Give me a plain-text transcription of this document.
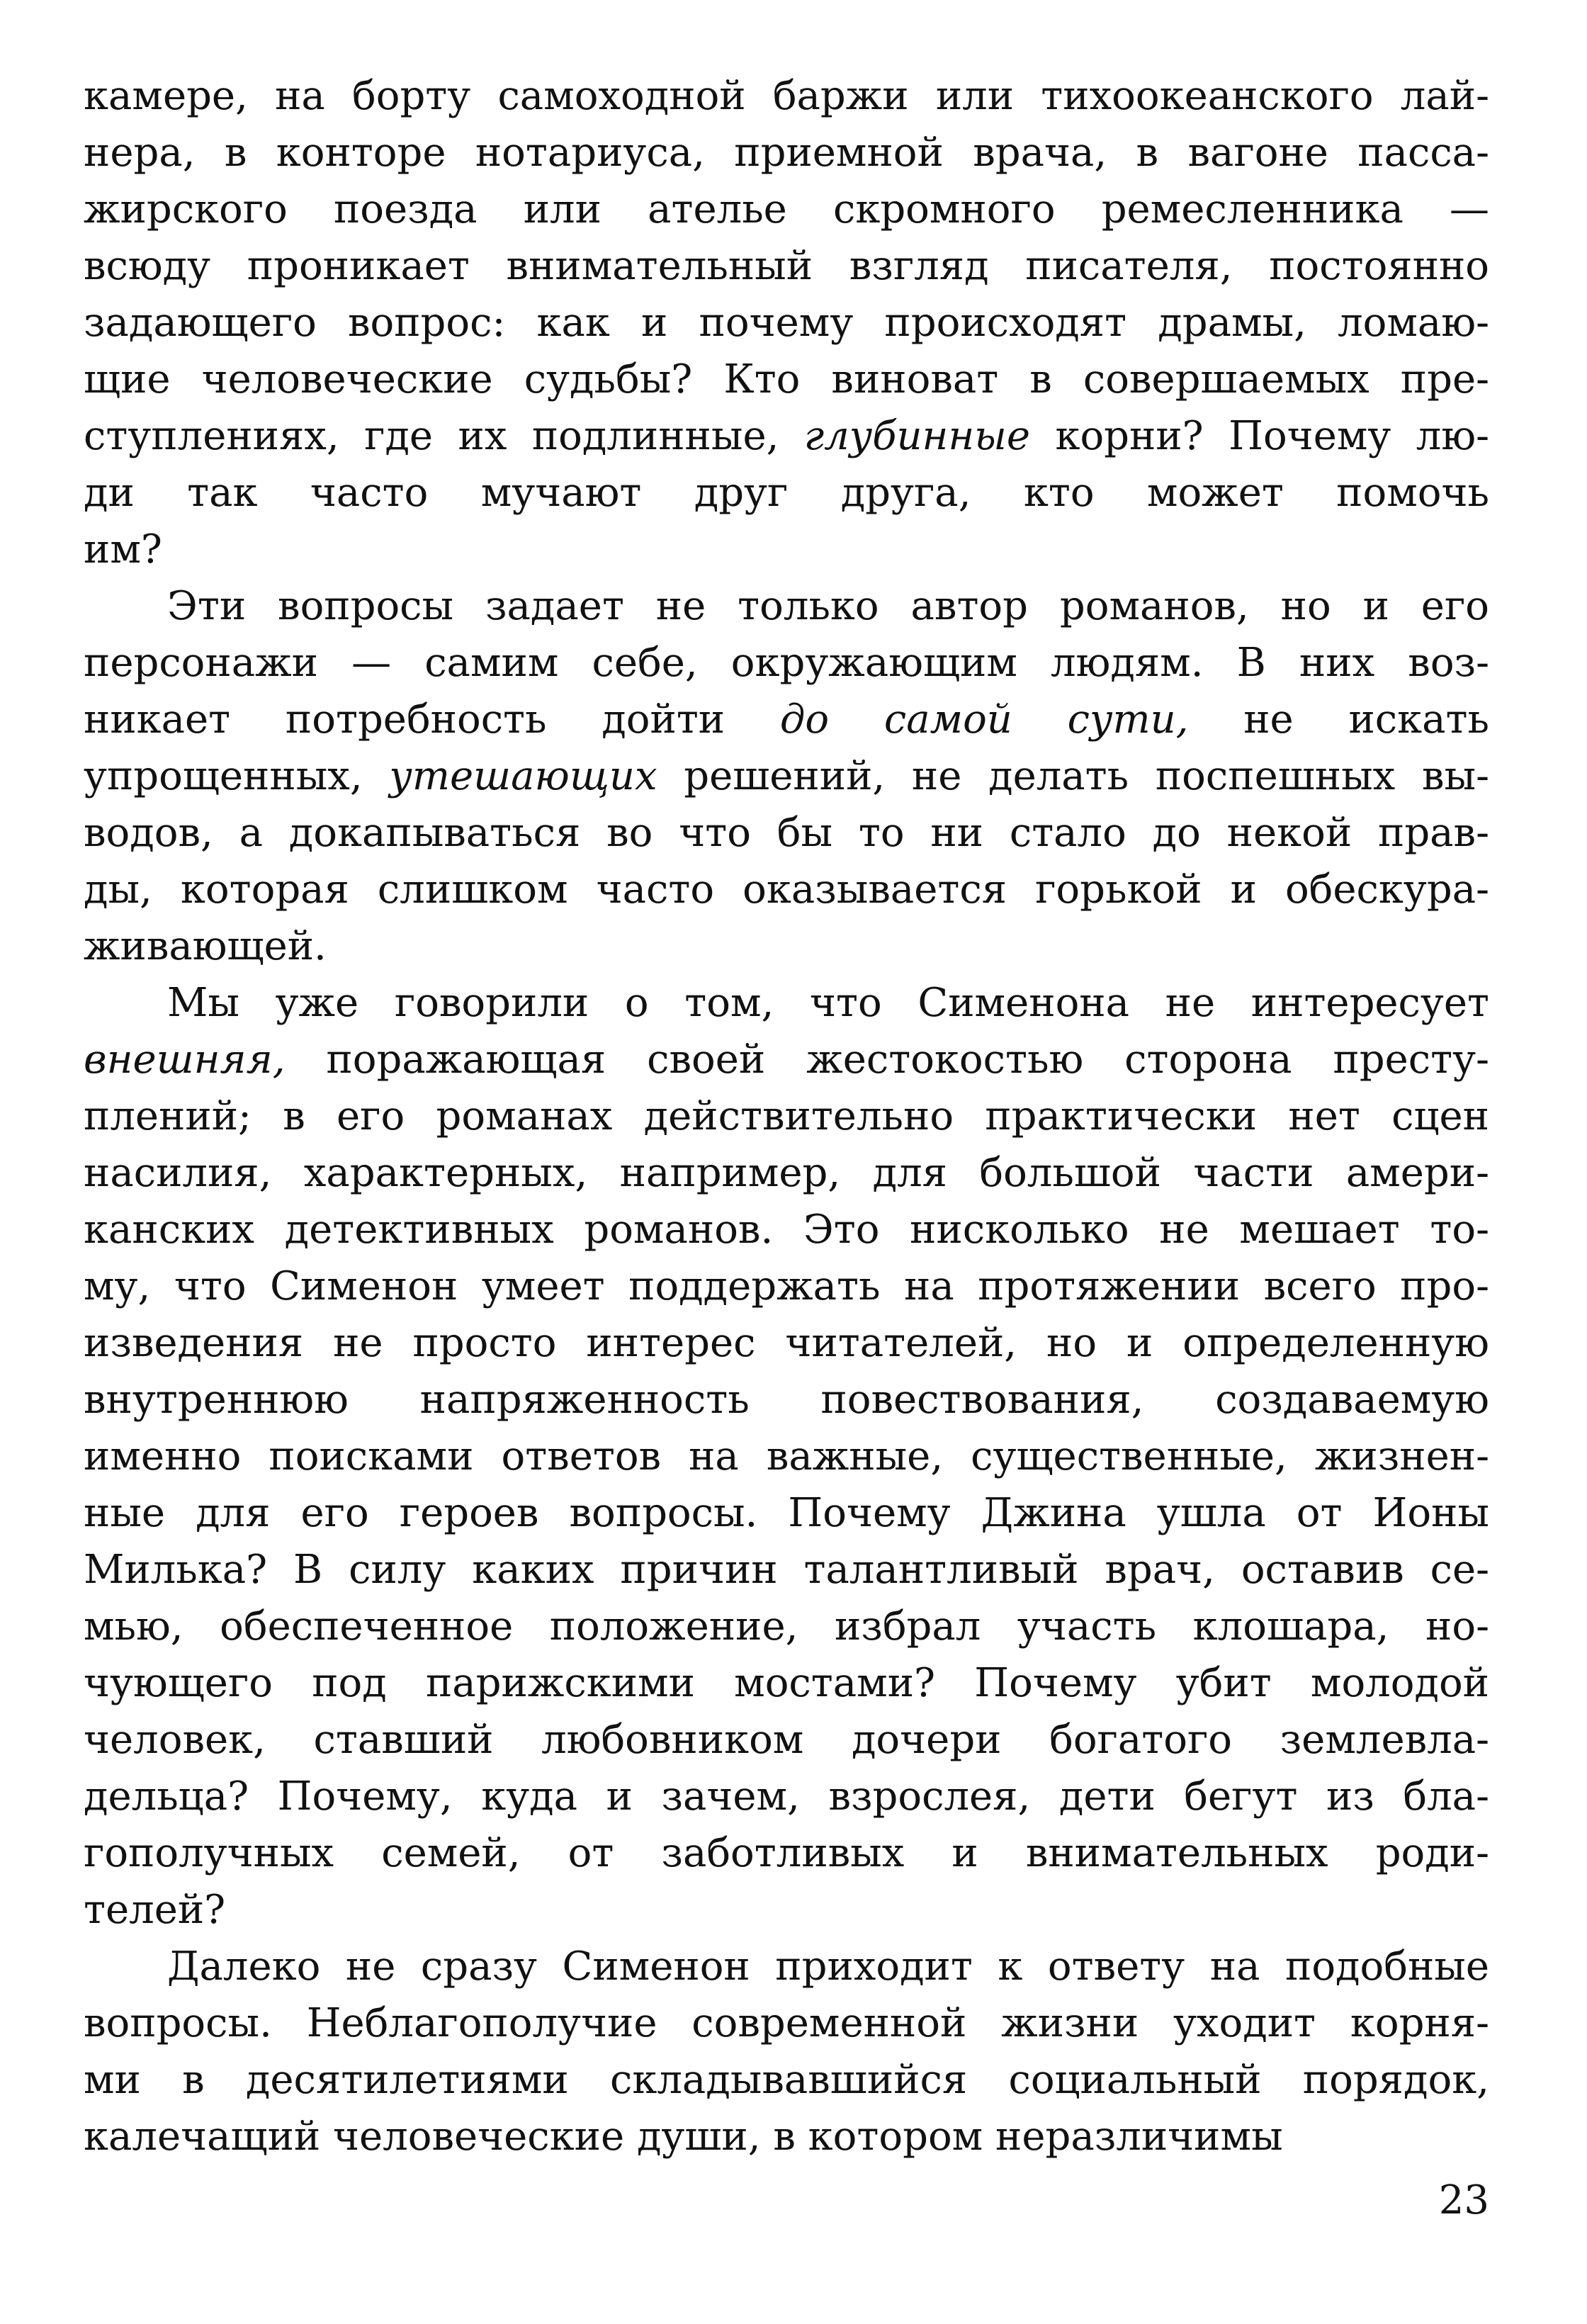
камере, на борту самоходной баржи или тихоокеанского лай-
нера, в конторе нотариуса, приемной врача, в вагоне пасса-
жирского поезда или ателье скромного ремесленника —
всюду проникает внимательный взгляд писателя, постоянно
задающего вопрос: как и почему происходят драмы, ломаю-
щие человеческие судьбы? Кто виноват в совершаемых пре-
ступлениях, где их подлинные, глубинные корни? Почему лю-
ди так часто мучают друг друга, кто может помочь
им?
Эти вопросы задает не только автор романов, но и его
персонажи — самим себе, окружающим людям. В них воз-
никает потребность дойти до самой сути, не искать
упрощенных, утешающих решений, не делать поспешных вы-
водов, а докапываться во что бы то ни стало до некой прав-
ды, которая слишком часто оказывается горькой и обескура-
живающей.
Мы уже говорили о том, что Сименона не интересует
внешняя, поражающая своей жестокостью сторона престу-
плений; в его романах действительно практически нет сцен
насилия, характерных, например, для большой части амери-
канских детективных романов. Это нисколько не мешает то-
му, что Сименон умеет поддержать на протяжении всего про-
изведения не просто интерес читателей, но и определенную
внутреннюю напряженность повествования, создаваемую
именно поисками ответов на важные, существенные, жизнен-
ные для его героев вопросы. Почему Джина ушла от Ионы
Милька? В силу каких причин талантливый врач, оставив се-
мью, обеспеченное положение, избрал участь клошара, но-
чующего под парижскими мостами? Почему убит молодой
человек, ставший любовником дочери богатого землевла-
дельца? Почему, куда и зачем, взрослея, дети бегут из бла-
гополучных семей, от заботливых и внимательных роди-
телей?
Далеко не сразу Сименон приходит к ответу на подобные
вопросы. Неблагополучие современной жизни уходит корня-
ми в десятилетиями складывавшийся социальный порядок,
калечащий человеческие души, в котором неразличимы
23
